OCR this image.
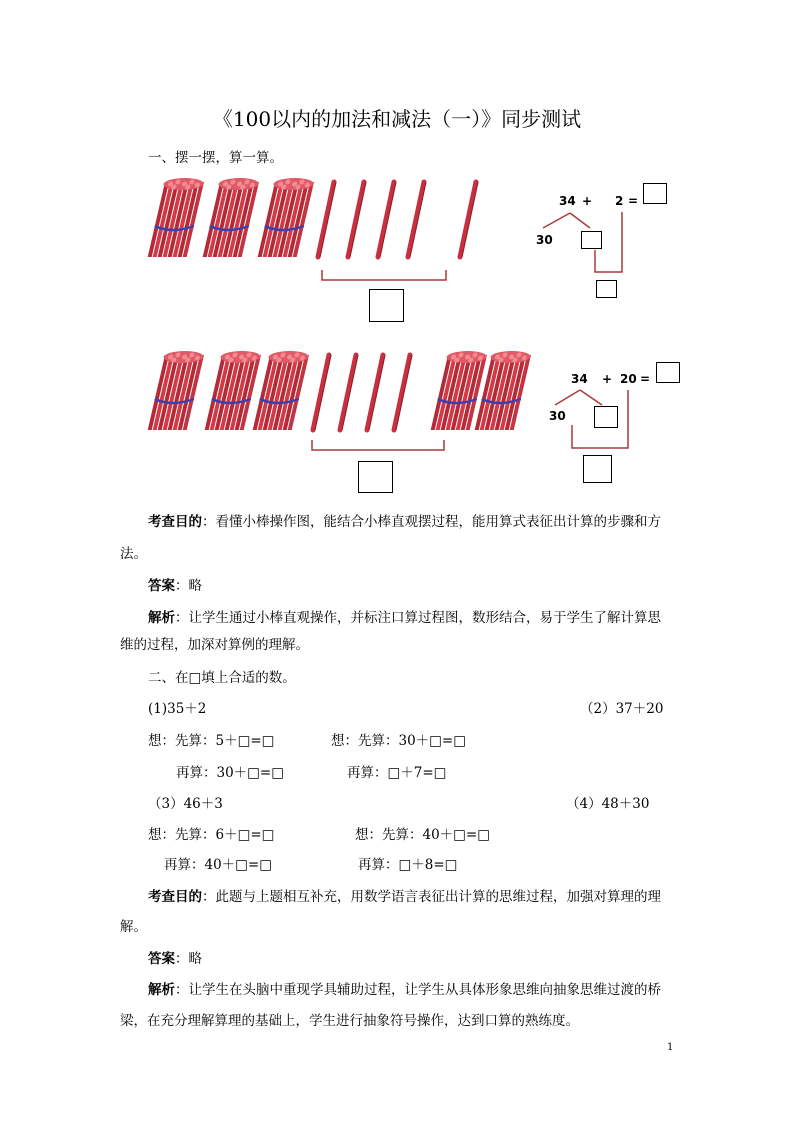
《100以内的加法和减法（一）》同步测试
一、摆一摆，算一算。
34 + 2 =
30
34 + 20 =
30
考查目的：看懂小棒操作图，能结合小棒直观摆过程，能用算式表征出计算的步骤和方
法。
答案：略
解析：让学生通过小棒直观操作，并标注口算过程图，数形结合，易于学生了解计算思
维的过程，加深对算例的理解。
二、在□填上合适的数。
(1)35＋2	（2）37＋20
想：先算：5＋□=□	想：先算：30＋□=□
再算：30＋□=□	再算：□＋7=□
（3）46＋3	（4）48＋30
想：先算：6＋□=□	想：先算：40＋□=□
再算：40＋□=□	再算：□＋8=□
考查目的：此题与上题相互补充，用数学语言表征出计算的思维过程，加强对算理的理
解。
答案：略
解析：让学生在头脑中重现学具辅助过程，让学生从具体形象思维向抽象思维过渡的桥
梁，在充分理解算理的基础上，学生进行抽象符号操作，达到口算的熟练度。
1
